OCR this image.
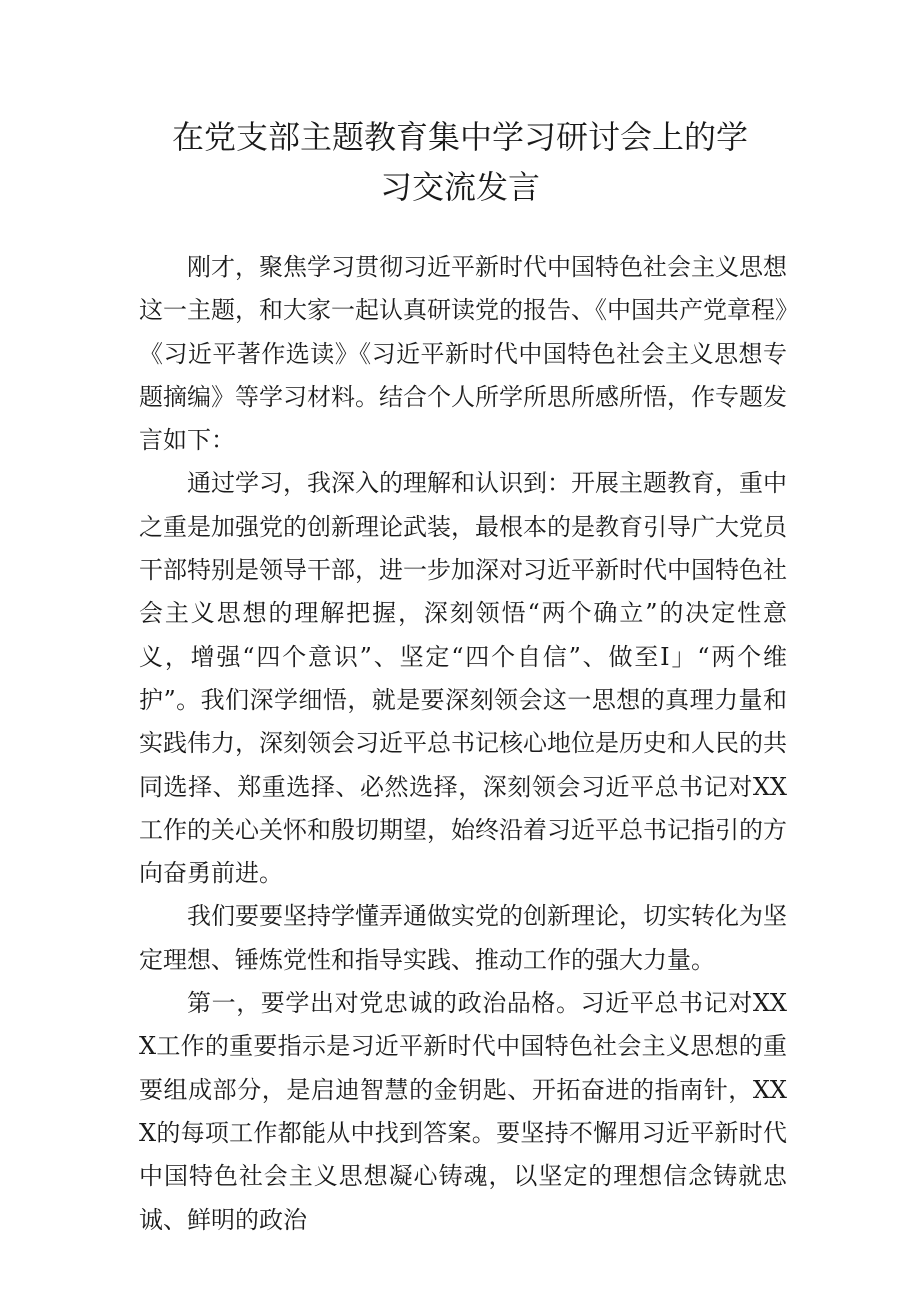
在党支部主题教育集中学习研讨会上的学
习交流发言

刚才，聚焦学习贯彻习近平新时代中国特色社会主义思想这一主题，和大家一起认真研读党的报告、《中国共产党章程》《习近平著作选读》《习近平新时代中国特色社会主义思想专题摘编》等学习材料。结合个人所学所思所感所悟，作专题发言如下：

通过学习，我深入的理解和认识到：开展主题教育，重中之重是加强党的创新理论武装，最根本的是教育引导广大党员干部特别是领导干部，进一步加深对习近平新时代中国特色社会主义思想的理解把握，深刻领悟“两个确立”的决定性意义，增强“四个意识”、坚定“四个自信”、做至I」“两个维护”。我们深学细悟，就是要深刻领会这一思想的真理力量和实践伟力，深刻领会习近平总书记核心地位是历史和人民的共同选择、郑重选择、必然选择，深刻领会习近平总书记对XX工作的关心关怀和殷切期望，始终沿着习近平总书记指引的方向奋勇前进。

我们要要坚持学懂弄通做实党的创新理论，切实转化为坚定理想、锤炼党性和指导实践、推动工作的强大力量。

第一，要学出对党忠诚的政治品格。习近平总书记对XXX工作的重要指示是习近平新时代中国特色社会主义思想的重要组成部分，是启迪智慧的金钥匙、开拓奋进的指南针，XXX的每项工作都能从中找到答案。要坚持不懈用习近平新时代中国特色社会主义思想凝心铸魂，以坚定的理想信念铸就忠诚、鲜明的政治
